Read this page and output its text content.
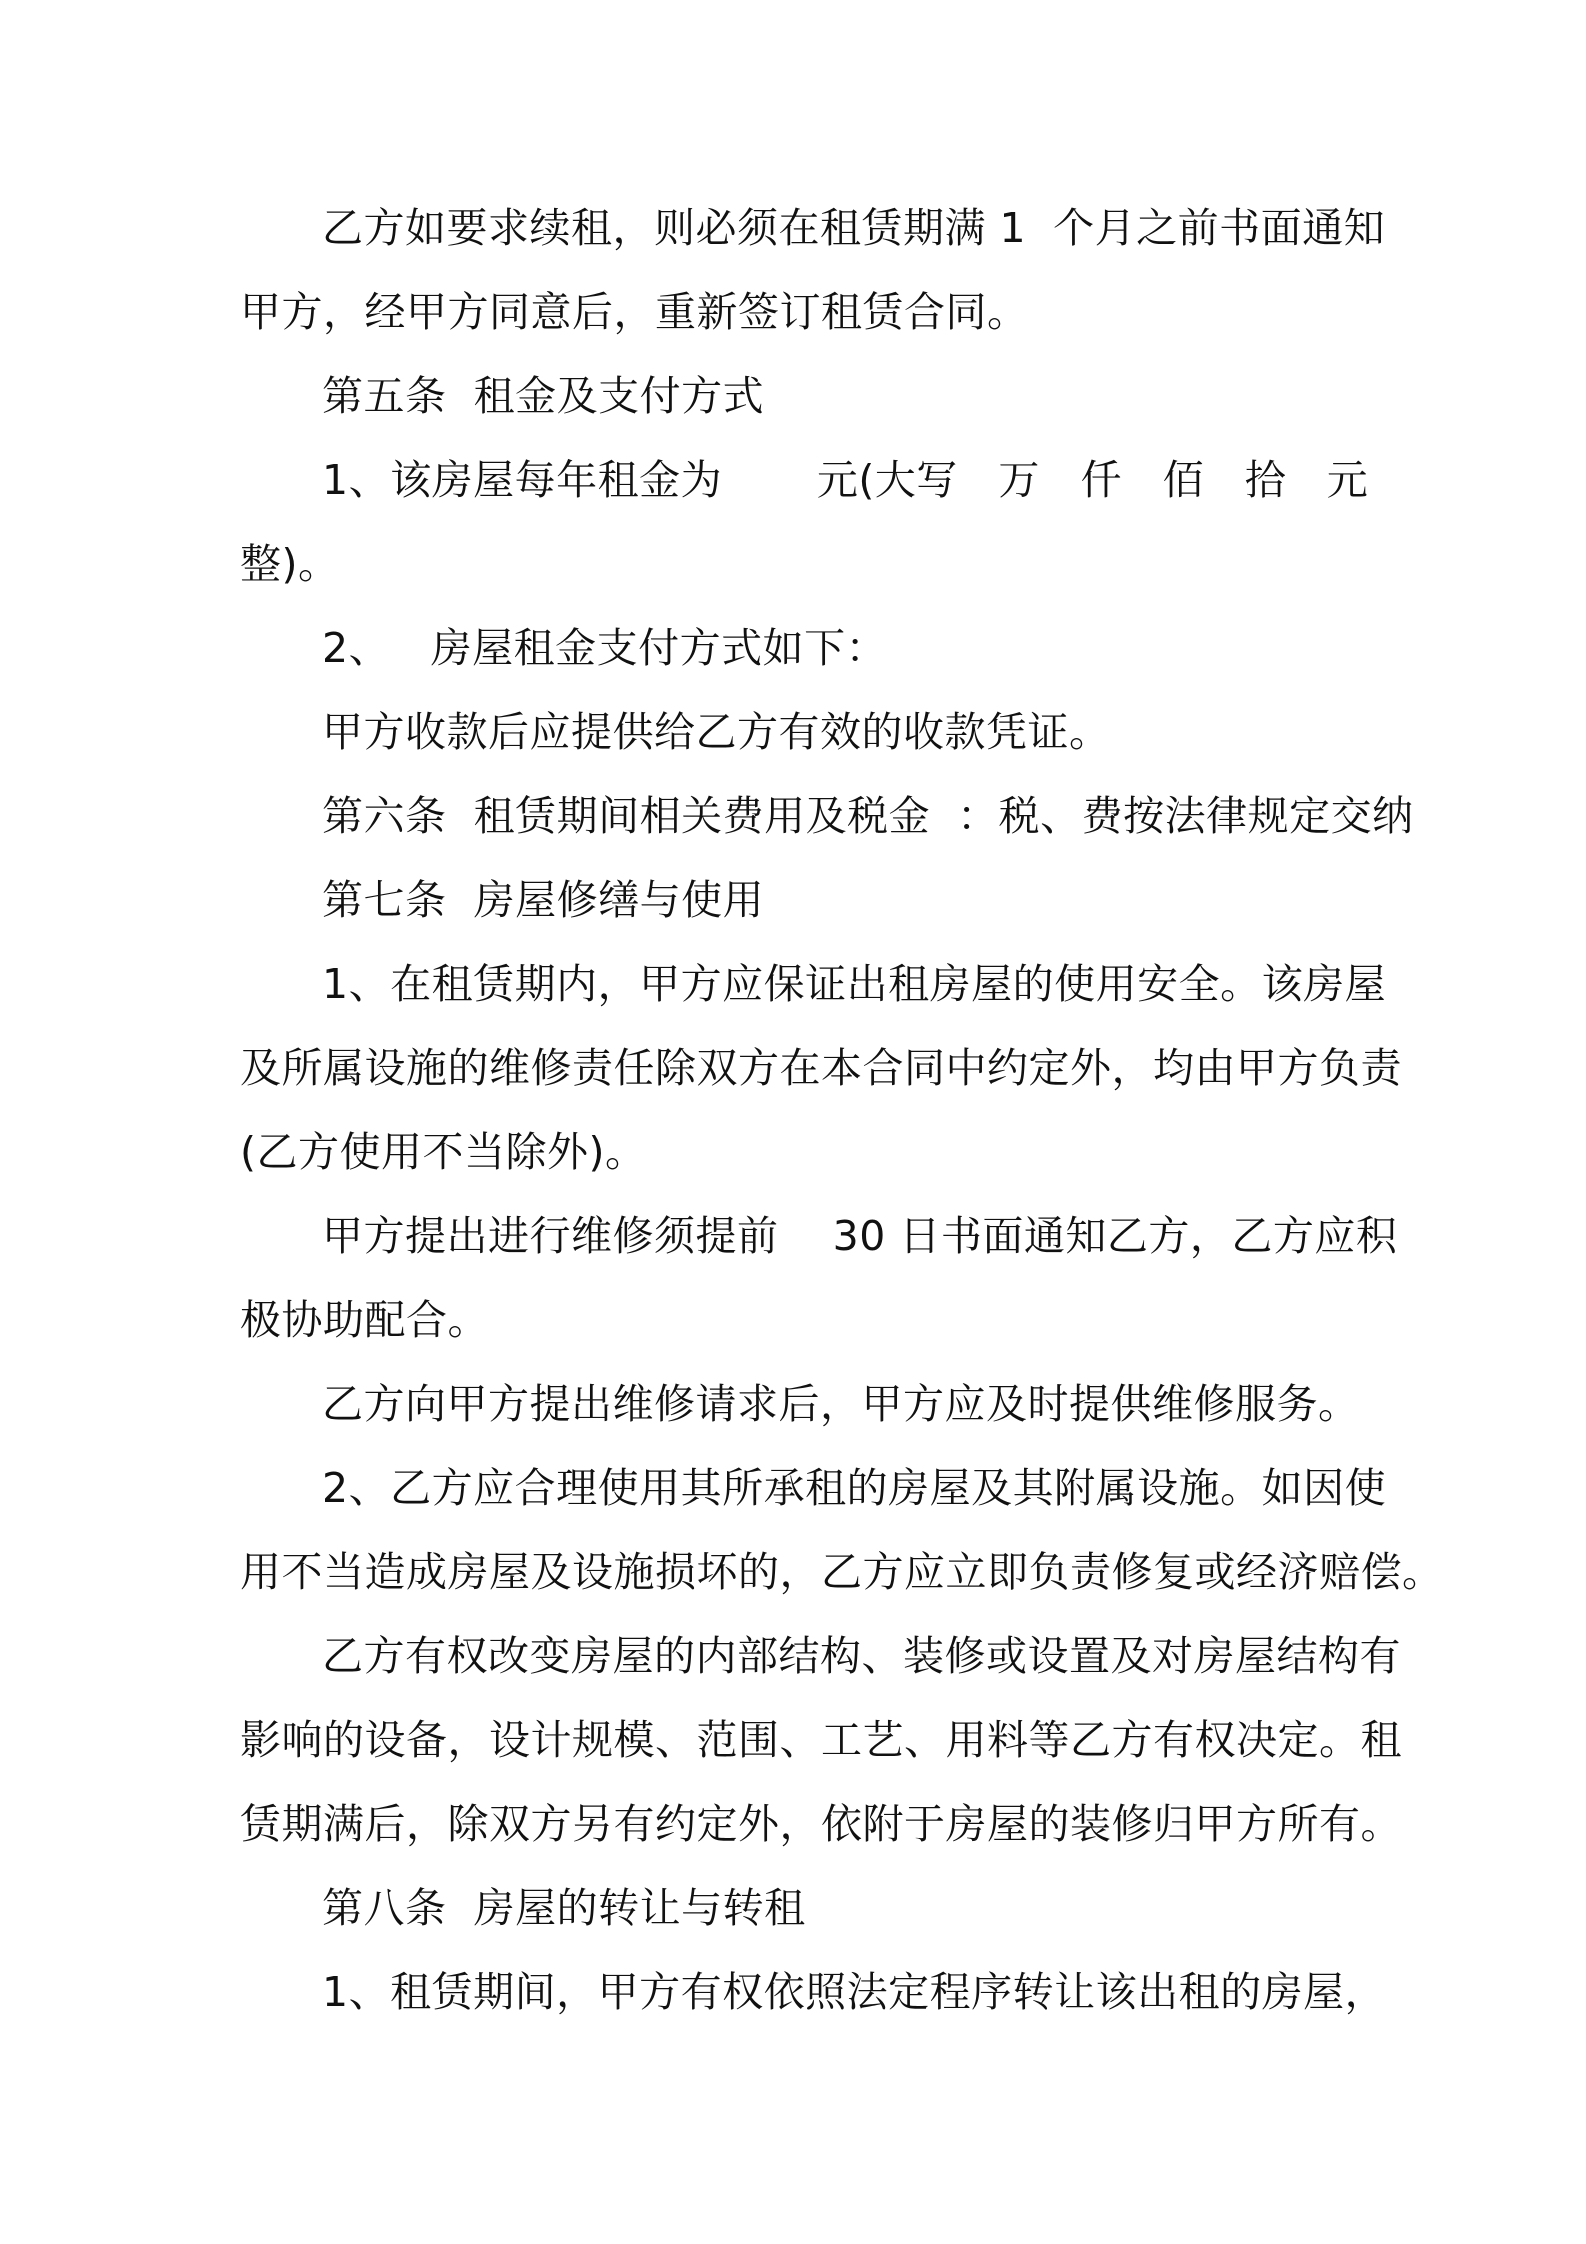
乙方如要求续租，则必须在租赁期满 1  个月之前书面通知
甲方，经甲方同意后，重新签订租赁合同。
第五条  租金及支付方式
1、该房屋每年租金为       元(大写   万   仟   佰   拾   元
整)。
2、   房屋租金支付方式如下：
甲方收款后应提供给乙方有效的收款凭证。
第六条  租赁期间相关费用及税金  ：税、费按法律规定交纳
第七条  房屋修缮与使用
1、在租赁期内，甲方应保证出租房屋的使用安全。该房屋
及所属设施的维修责任除双方在本合同中约定外，均由甲方负责
(乙方使用不当除外)。
甲方提出进行维修须提前    30 日书面通知乙方，乙方应积
极协助配合。
乙方向甲方提出维修请求后，甲方应及时提供维修服务。
2、乙方应合理使用其所承租的房屋及其附属设施。如因使
用不当造成房屋及设施损坏的，乙方应立即负责修复或经济赔偿。
乙方有权改变房屋的内部结构、装修或设置及对房屋结构有
影响的设备，设计规模、范围、工艺、用料等乙方有权决定。租
赁期满后，除双方另有约定外，依附于房屋的装修归甲方所有。
第八条  房屋的转让与转租
1、租赁期间，甲方有权依照法定程序转让该出租的房屋，
